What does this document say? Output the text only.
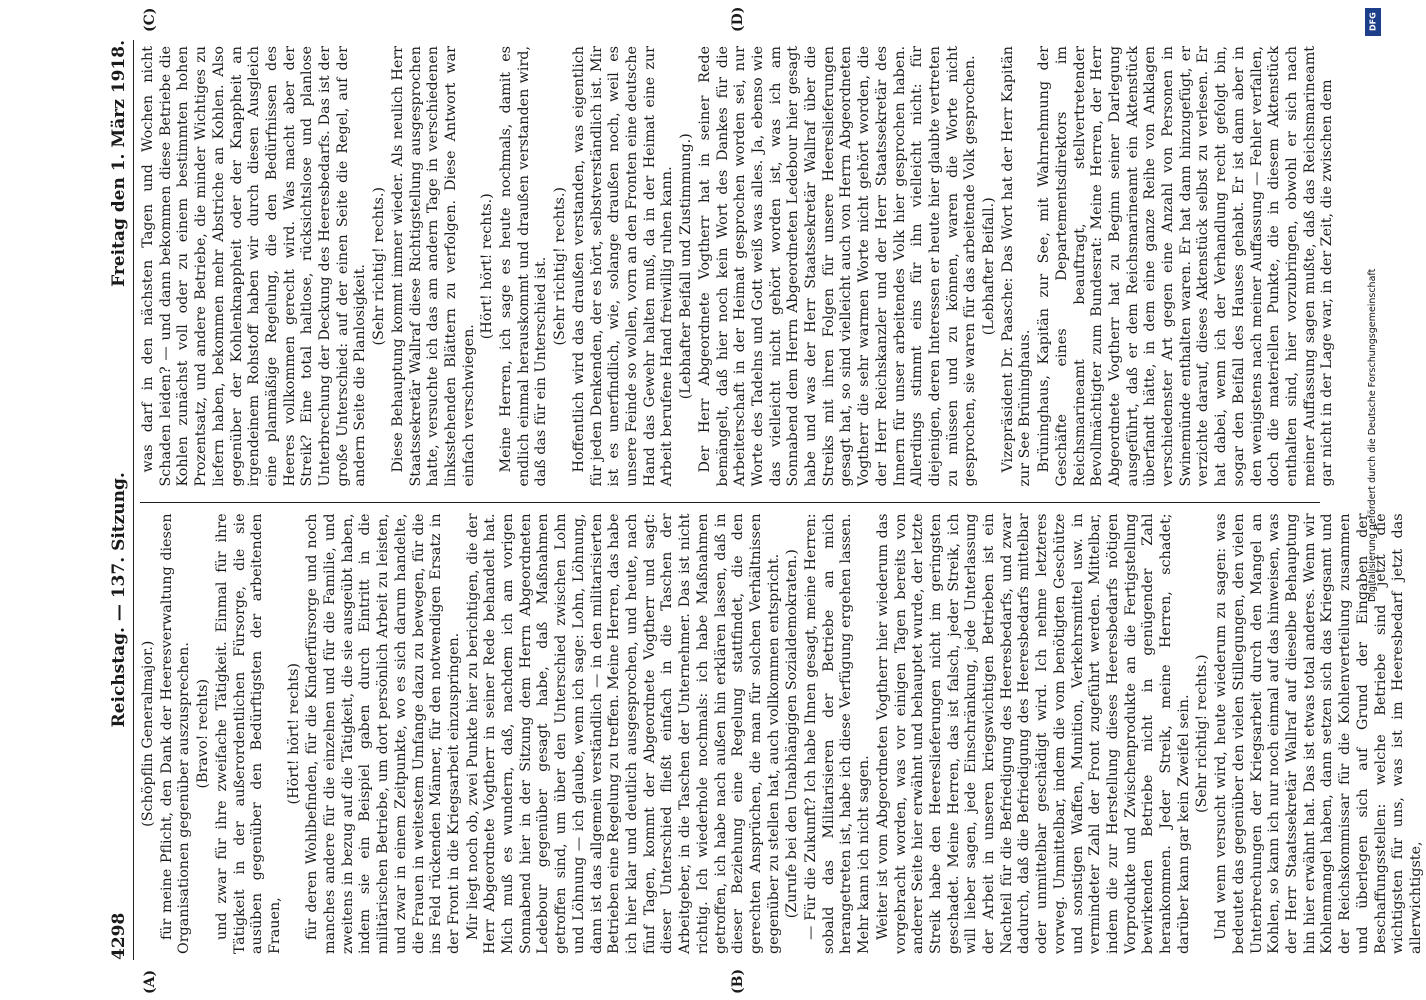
4298
Reichstag. — 137. Sitzung.
Freitag den 1. März 1918.
(A)	(B)
(C)	(D)

(Schöpflin Generalmajor.) für meine Pflicht, den Dank der Heeresverwaltung diesen Organisationen gegenüber auszusprechen. (Bravo! rechts) und zwar für ihre zweifache Tätigkeit. Einmal für ihre Tätigkeit in der außerordentlichen Fürsorge, die sie ausüben gegenüber den Bedürftigsten der arbeitenden Frauen,

(Hört! hört! rechts) für deren Wohlbefinden, für die Kinderfürsorge und noch manches andere für die einzelnen und für die Familie, und zweitens in bezug auf die Tätigkeit, die sie ausgeübt haben, indem sie ein Beispiel gaben durch Eintritt in die militärischen Betriebe, um dort persönlich Arbeit zu leisten, und zwar in einem Zeitpunkte, wo es sich darum handelte, die Frauen in weitestem Umfange dazu zu bewegen, für die ins Feld rückenden Männer, für den notwendigen Ersatz in der Front in die Kriegsarbeit einzuspringen. Mir liegt noch ob, zwei Punkte hier zu berichtigen, die der Herr Abgeordnete Vogtherr in seiner Rede behandelt hat. Mich muß es wundern, daß, nachdem ich am vorigen Sonnabend hier in der Sitzung dem Herrn Abgeordneten Ledebour gegenüber gesagt habe, daß Maßnahmen getroffen sind, um über den Unterschied zwischen Lohn und Löhnung — ich glaube, wenn ich sage: Lohn, Löhnung, dann ist das allgemein verständlich — in den militarisierten Betrieben eine Regelung zu treffen. Meine Herren, das habe ich hier klar und deutlich ausgesprochen, und heute, nach fünf Tagen, kommt der Abgeordnete Vogtherr und sagt: dieser Unterschied fließt einfach in die Taschen der Arbeitgeber, in die Taschen der Unternehmer. Das ist nicht richtig. Ich wiederhole nochmals: ich habe Maßnahmen getroffen, ich habe nach außen hin erklären lassen, daß in dieser Beziehung eine Regelung stattfindet, die den gerechten Ansprüchen, die man für solchen Verhältnissen gegenüber zu stellen hat, auch vollkommen entspricht. (Zurufe bei den Unabhängigen Sozialdemokraten.) — Für die Zukunft? Ich habe Ihnen gesagt, meine Herren: sobald das Militarisieren der Betriebe an mich herangetreten ist, habe ich diese Verfügung ergehen lassen. Mehr kann ich nicht sagen. Weiter ist vom Abgeordneten Vogtherr hier wiederum das vorgebracht worden, was vor einigen Tagen bereits von anderer Seite hier erwähnt und behauptet wurde, der letzte Streik habe den Heereslieferungen nicht im geringsten geschadet. Meine Herren, das ist falsch, jeder Streik, ich will lieber sagen, jede Einschränkung, jede Unterlassung der Arbeit in unseren kriegswichtigen Betrieben ist ein Nachteil für die Befriedigung des Heeresbedarfs, und zwar dadurch, daß die Befriedigung des Heeresbedarfs mittelbar oder unmittelbar geschädigt wird. Ich nehme letzteres vorweg. Unmittelbar, indem die vom benötigten Geschütze und sonstigen Waffen, Munition, Verkehrsmittel usw. in vermindeter Zahl der Front zugeführt werden. Mittelbar, indem die zur Herstellung dieses Heeresbedarfs nötigen Vorprodukte und Zwischenprodukte an die Fertigstellung bewirkenden Betriebe nicht in genügender Zahl herankommen. Jeder Streik, meine Herren, schadet; darüber kann gar kein Zweifel sein. (Sehr richtig! rechts.) Und wenn versucht wird, heute wiederum zu sagen: was bedeutet das gegenüber den vielen Stillegungen, den vielen Unterbrechungen der Kriegsarbeit durch den Mangel an Kohlen, so kann ich nur noch einmal auf das hinweisen, was der Herr Staatssekretär Wallraf auf dieselbe Behauptung hin hier erwähnt hat. Das ist etwas total anderes. Wenn wir Kohlenmangel haben, dann setzen sich das Kriegsamt und der Reichskommissar für die Kohlenverteilung zusammen und überlegen sich auf Grund der Eingaben der Beschaffungsstellen: welche Betriebe sind jetzt die wichtigsten für uns, was ist im Heeresbedarf jetzt das allerwichtigste,

was darf in den nächsten Tagen und Wochen nicht Schaden leiden? — und dann bekommen diese Betriebe die Kohlen zunächst voll oder zu einem bestimmten hohen Prozentsatz, und andere Betriebe, die minder Wichtiges zu liefern haben, bekommen mehr Abstriche an Kohlen. Also gegenüber der Kohlenknappheit oder der Knappheit an irgendeinem Rohstoff haben wir durch diesen Ausgleich eine planmäßige Regelung, die den Bedürfnissen des Heeres vollkommen gerecht wird. Was macht aber der Streik? Eine total haltlose, rücksichtslose und planlose Unterbrechung der Deckung des Heeresbedarfs. Das ist der große Unterschied: auf der einen Seite die Regel, auf der andern Seite die Planlosigkeit. (Sehr richtig! rechts.) Diese Behauptung kommt immer wieder. Als neulich Herr Staatssekretär Wallraf diese Richtigstellung ausgesprochen hatte, versuchte ich das am andern Tage in verschiedenen linksstehenden Blättern zu verfolgen. Diese Antwort war einfach verschwiegen.

(Hört! hört! rechts.) Meine Herren, ich sage es heute nochmals, damit es endlich einmal herauskommt und draußen verstanden wird, daß das für ein Unterschied ist. (Sehr richtig! rechts.) Hoffentlich wird das draußen verstanden, was eigentlich für jeden Denkenden, der es hört, selbstverständlich ist. Mir ist es unerfindlich, wie, solange draußen noch, weil es unsere Feinde so wollen, vorn an den Fronten eine deutsche Hand das Gewehr halten muß, da in der Heimat eine zur Arbeit berufene Hand freiwillig ruhen kann. (Lebhafter Beifall und Zustimmung.) Der Herr Abgeordnete Vogtherr hat in seiner Rede bemängelt, daß hier noch kein Wort des Dankes für die Arbeiterschaft in der Heimat gesprochen worden sei, nur Worte des Tadelns und Gott weiß was alles. Ja, ebenso wie das vielleicht nicht gehört worden ist, was ich am Sonnabend dem Herrn Abgeordneten Ledebour hier gesagt habe und was der Herr Staatssekretär Wallraf über die Streiks mit ihren Folgen für unsere Heereslieferungen gesagt hat, so sind vielleicht auch von Herrn Abgeordneten Vogtherr die sehr warmen Worte nicht gehört worden, die der Herr Reichskanzler und der Herr Staatssekretär des Innern für unser arbeitendes Volk hier gesprochen haben. Allerdings stimmt eins für ihn vielleicht nicht: für diejenigen, deren Interessen er heute hier glaubte vertreten zu müssen und zu können, waren die Worte nicht gesprochen, sie waren für das arbeitende Volk gesprochen. (Lebhafter Beifall.) Vizepräsident Dr. Paasche: Das Wort hat der Herr Kapitän zur See Brüninghaus. Brüninghaus, Kapitän zur See, mit Wahrnehmung der Geschäfte eines Departementsdirektors im Reichsmarineamt beauftragt, stellvertretender Bevollmächtigter zum Bundesrat: Meine Herren, der Herr Abgeordnete Vogtherr hat zu Beginn seiner Darlegung ausgeführt, daß er dem Reichsmarineamt ein Aktenstück überfandt hätte, in dem eine ganze Reihe von Anklagen verschiedenster Art gegen eine Anzahl von Personen in Swinemünde enthalten waren. Er hat dann hinzugefügt, er verzichte darauf, dieses Aktenstück selbst zu verlesen. Er hat dabei, wenn ich der Verhandlung recht gefolgt bin, sogar den Beifall des Hauses gehabt. Er ist dann aber in den wenigstens nach meiner Auffassung — Fehler verfallen, doch die materiellen Punkte, die in diesem Aktenstück enthalten sind, hier vorzubringen, obwohl er sich nach meiner Auffassung sagen mußte, daß das Reichsmarineamt gar nicht in der Lage war, in der Zeit, die zwischen dem

DFG
Digitalisierung gefördert durch die Deutsche Forschungsgemeinschaft
